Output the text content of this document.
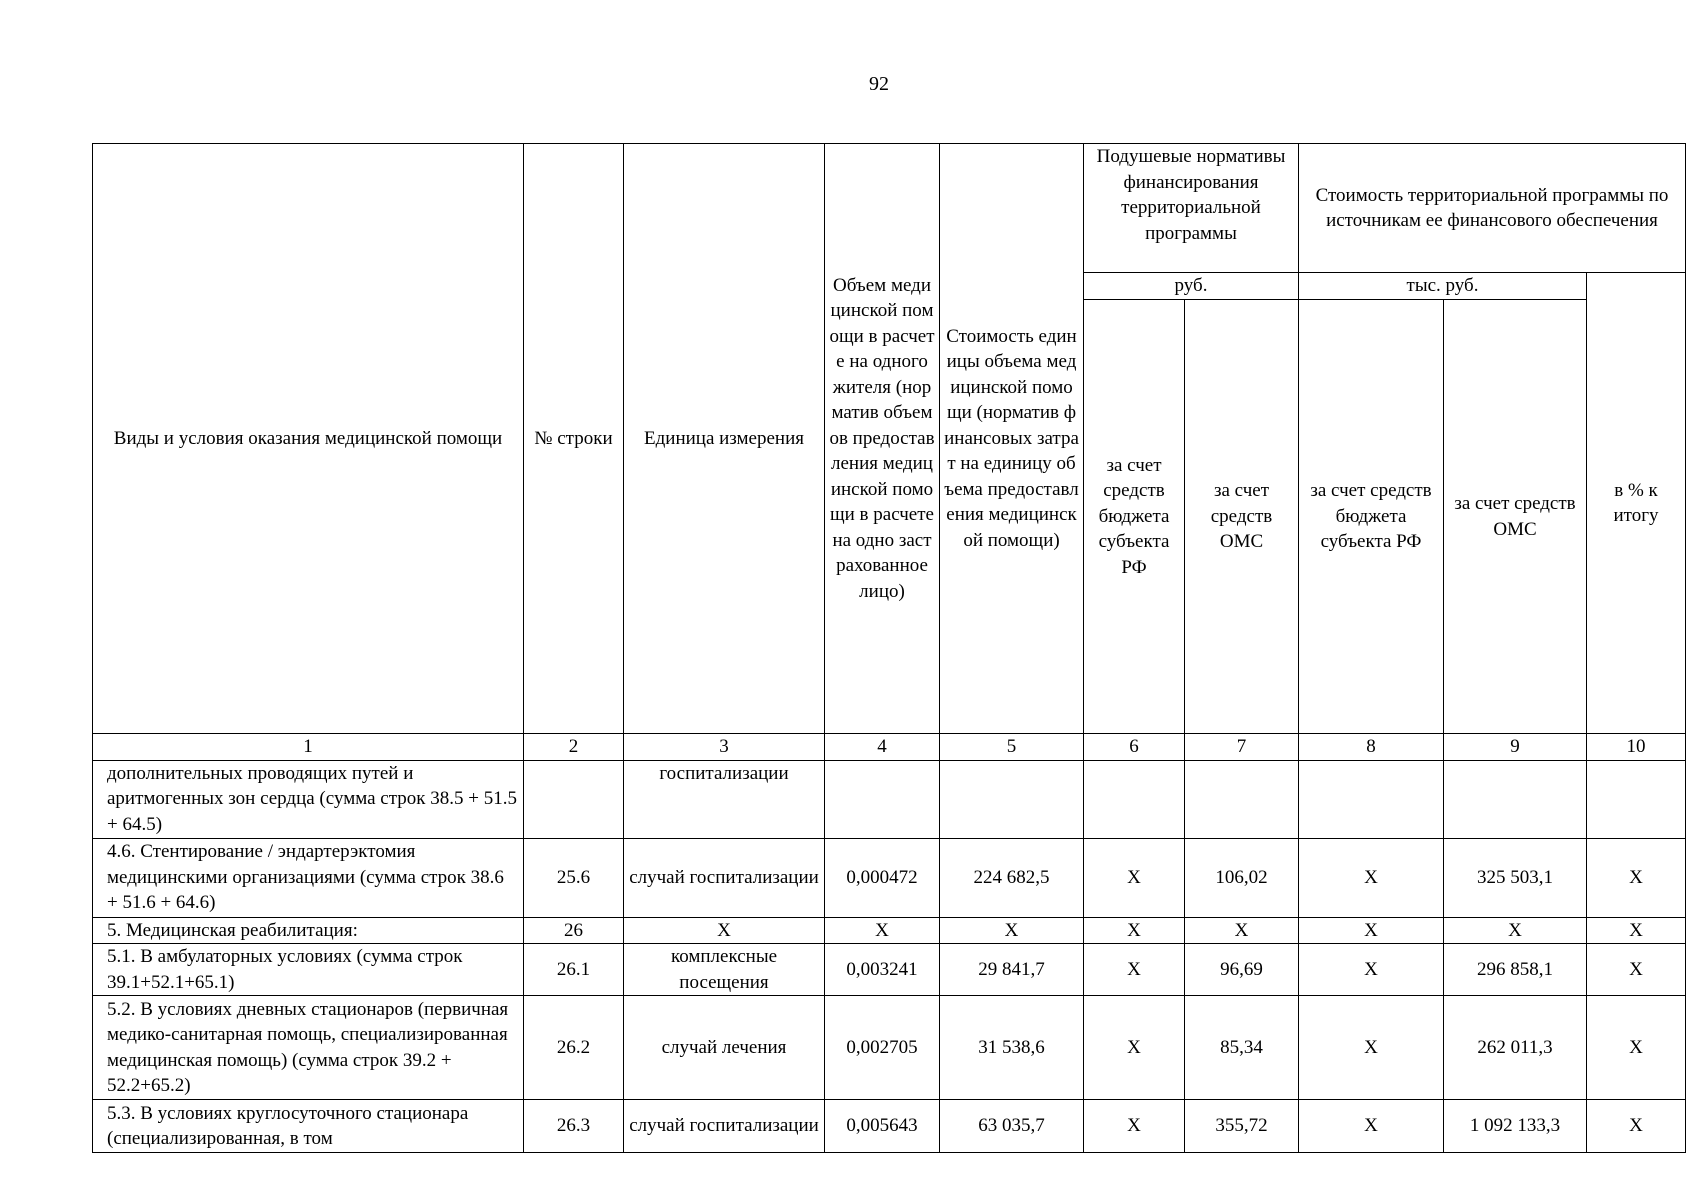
92
Виды и условия оказания медицинской помощи	№ строки	Единица измерения	Объем медицинской помощи в расчете на одного жителя (норматив объемов предоставления медицинской помощи в расчете на одно застрахованное лицо)	Стоимость единицы объема медицинской помощи (норматив финансовых затрат на единицу объема предоставления медицинской помощи)	Подушевые нормативы финансирования территориальной программы		Стоимость территориальной программы по источникам ее финансового обеспечения		
					руб.		тыс. руб.		в % к итогу
					за счет средств бюджета субъекта РФ	за счет средств ОМС	за счет средств бюджета субъекта РФ	за счет средств ОМС	
1	2	3	4	5	6	7	8	9	10
дополнительных проводящих путей и аритмогенных зон сердца (сумма строк 38.5 + 51.5 + 64.5)		госпитализации							
4.6. Стентирование / эндартерэктомия медицинскими организациями (сумма строк 38.6 + 51.6 + 64.6)	25.6	случай госпитализации	0,000472	224 682,5	Х	106,02	Х	325 503,1	Х
5. Медицинская реабилитация:	26	Х	Х	Х	Х	Х	Х	Х	Х
5.1. В амбулаторных условиях (сумма строк 39.1+52.1+65.1)	26.1	комплексные посещения	0,003241	29 841,7	Х	96,69	Х	296 858,1	Х
5.2. В условиях дневных стационаров (первичная медико-санитарная помощь, специализированная медицинская помощь) (сумма строк 39.2 + 52.2+65.2)	26.2	случай лечения	0,002705	31 538,6	Х	85,34	Х	262 011,3	Х
5.3. В условиях круглосуточного стационара (специализированная, в том	26.3	случай госпитализации	0,005643	63 035,7	Х	355,72	Х	1 092 133,3	Х
